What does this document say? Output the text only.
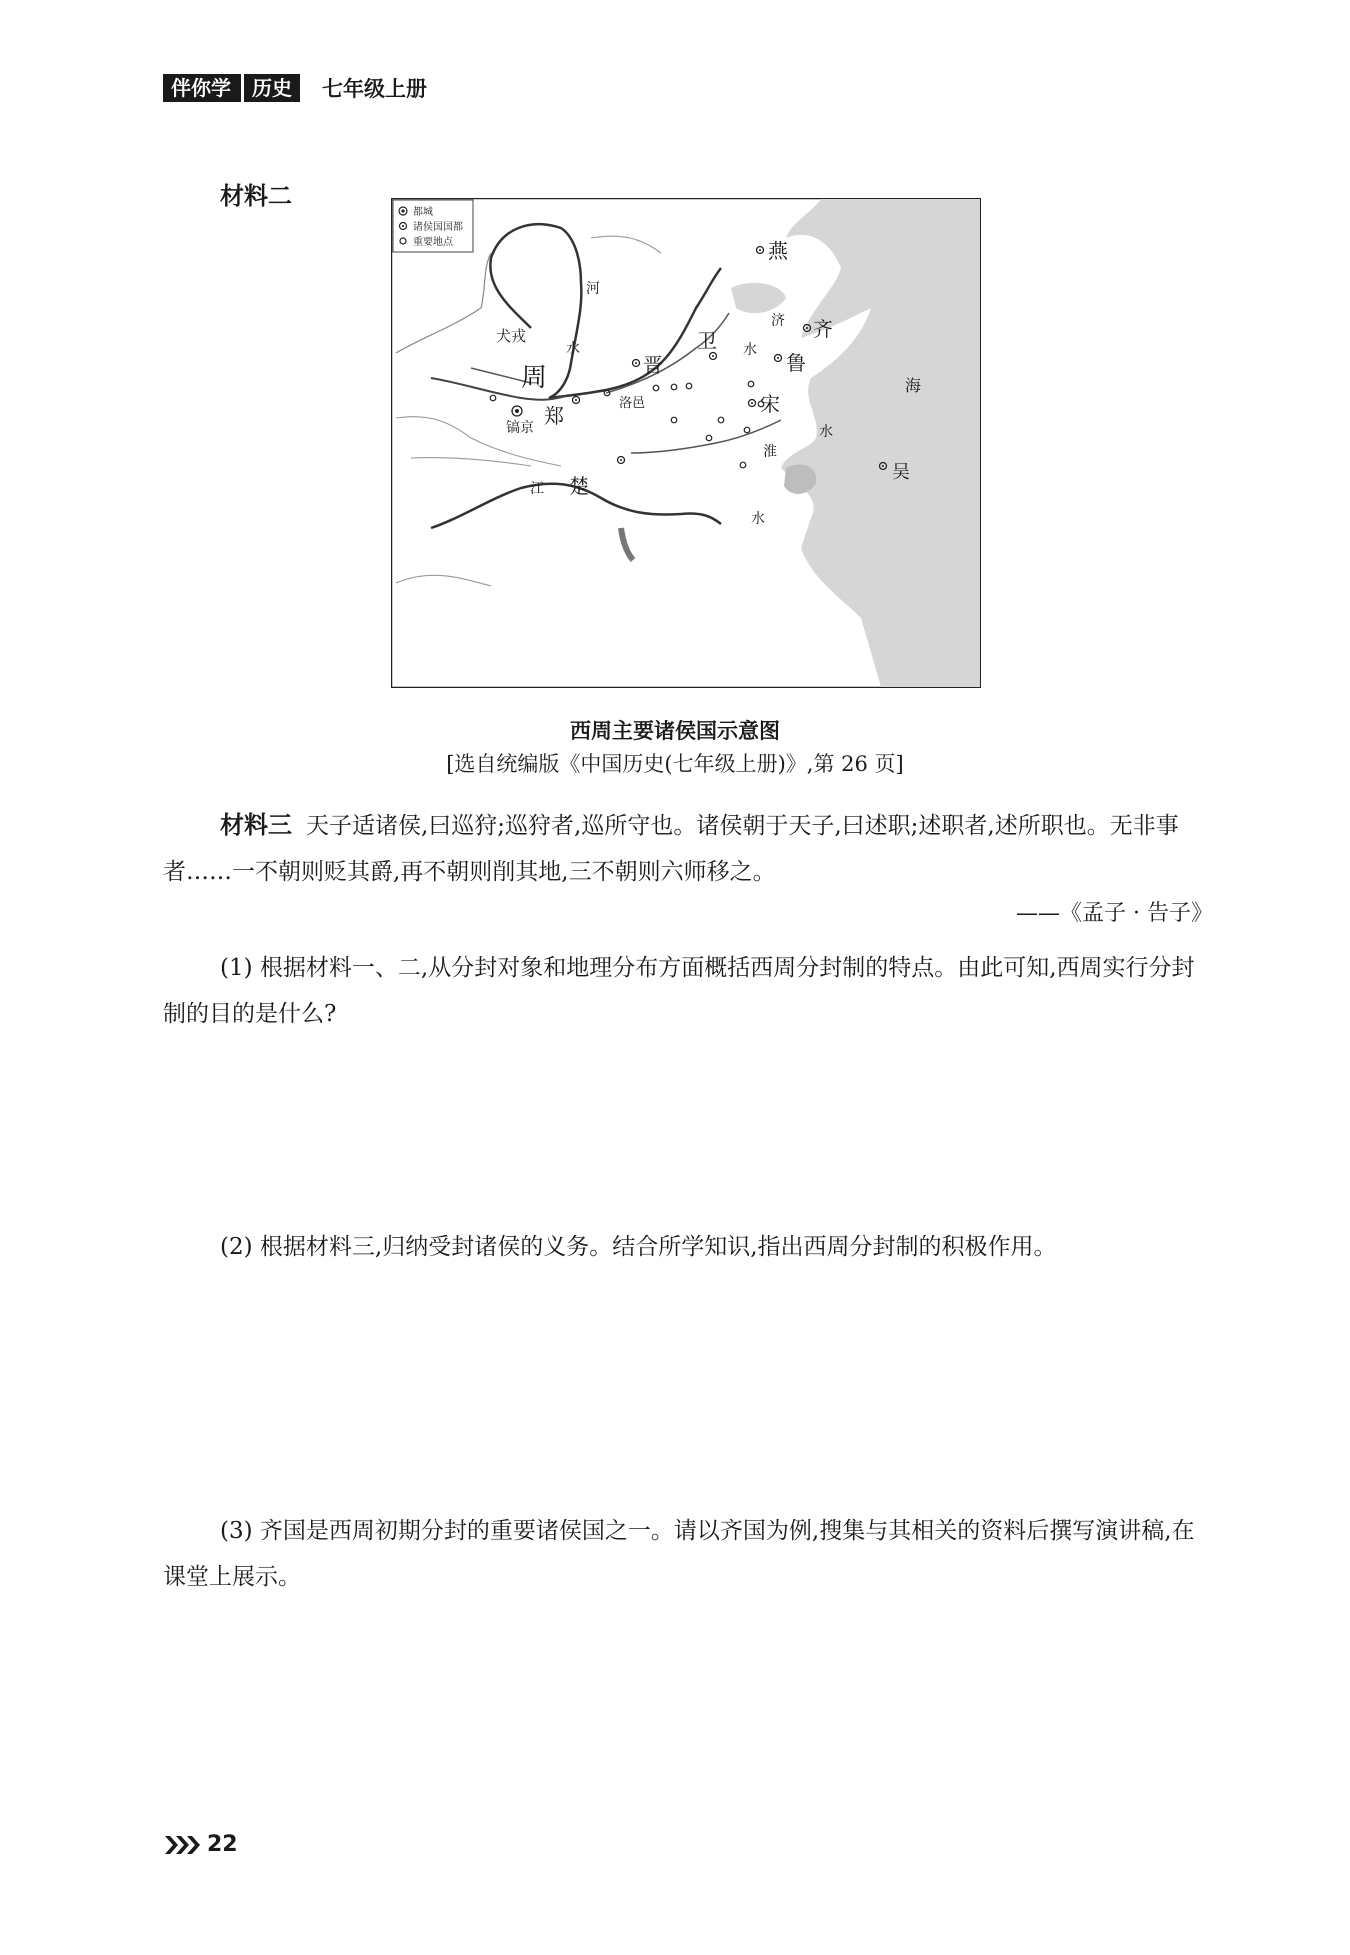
伴你学	历史	七年级上册
材料二
都城
诸侯国国都
重要地点	燕
齐
鲁
宋
卫
晋
周
郑
镐京
洛邑
楚
吴
犬戎
河
水
济
水
海
淮
水
江
水
西周主要诸侯国示意图
[选自统编版《中国历史(七年级上册)》,第 26 页]
材料三 天子适诸侯,曰巡狩;巡狩者,巡所守也。诸侯朝于天子,曰述职;述职者,述所职也。无非事者……一不朝则贬其爵,再不朝则削其地,三不朝则六师移之。
——《孟子 · 告子》
(1) 根据材料一、二,从分封对象和地理分布方面概括西周分封制的特点。由此可知,西周实行分封制的目的是什么?
(2) 根据材料三,归纳受封诸侯的义务。结合所学知识,指出西周分封制的积极作用。
(3) 齐国是西周初期分封的重要诸侯国之一。请以齐国为例,搜集与其相关的资料后撰写演讲稿,在课堂上展示。
22
